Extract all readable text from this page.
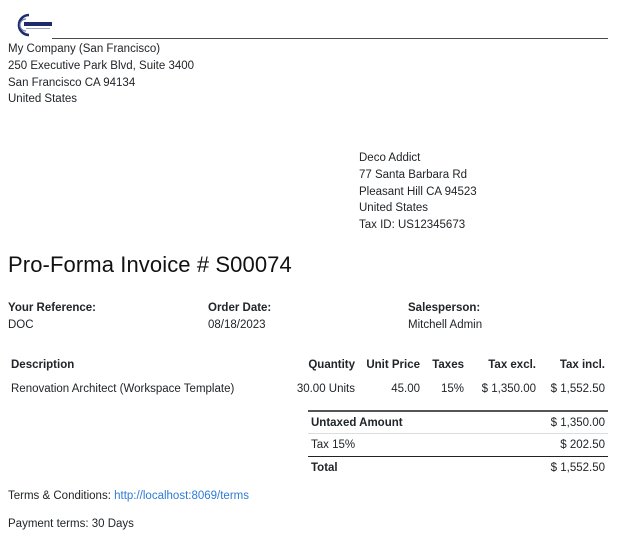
My Company (San Francisco)
250 Executive Park Blvd, Suite 3400
San Francisco CA 94134
United States
Deco Addict
77 Santa Barbara Rd
Pleasant Hill CA 94523
United States
Tax ID: US12345673
Pro-Forma Invoice # S00074
Your Reference:
DOC
Order Date:
08/18/2023
Salesperson:
Mitchell Admin
Description	Quantity	Unit Price	Taxes	Tax excl.	Tax incl.
Renovation Architect (Workspace Template)	30.00 Units	45.00	15%	$ 1,350.00	$ 1,552.50
Untaxed Amount	$ 1,350.00
Tax 15%	$ 202.50
Total	$ 1,552.50
Terms & Conditions: http://localhost:8069/terms
Payment terms: 30 Days
